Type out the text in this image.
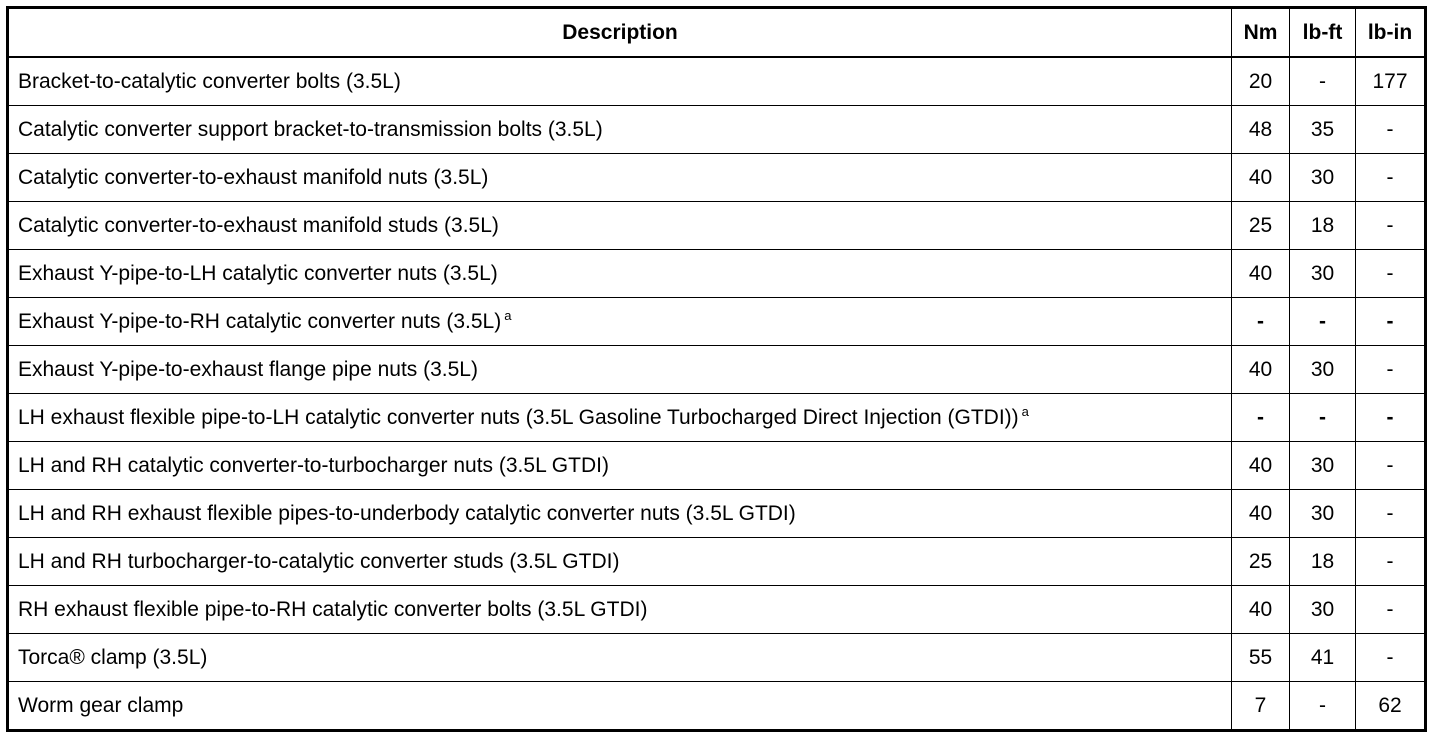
Description	Nm	lb-ft	lb-in
Bracket-to-catalytic converter bolts (3.5L)	20	-	177
Catalytic converter support bracket-to-transmission bolts (3.5L)	48	35	-
Catalytic converter-to-exhaust manifold nuts (3.5L)	40	30	-
Catalytic converter-to-exhaust manifold studs (3.5L)	25	18	-
Exhaust Y-pipe-to-LH catalytic converter nuts (3.5L)	40	30	-
Exhaust Y-pipe-to-RH catalytic converter nuts (3.5L) $^a$	-	-	-
Exhaust Y-pipe-to-exhaust flange pipe nuts (3.5L)	40	30	-
LH exhaust flexible pipe-to-LH catalytic converter nuts (3.5L Gasoline Turbocharged Direct Injection (GTDI)) $^a$	-	-	-
LH and RH catalytic converter-to-turbocharger nuts (3.5L GTDI)	40	30	-
LH and RH exhaust flexible pipes-to-underbody catalytic converter nuts (3.5L GTDI)	40	30	-
LH and RH turbocharger-to-catalytic converter studs (3.5L GTDI)	25	18	-
RH exhaust flexible pipe-to-RH catalytic converter bolts (3.5L GTDI)	40	30	-
Torca® clamp (3.5L)	55	41	-
Worm gear clamp	7	-	62
